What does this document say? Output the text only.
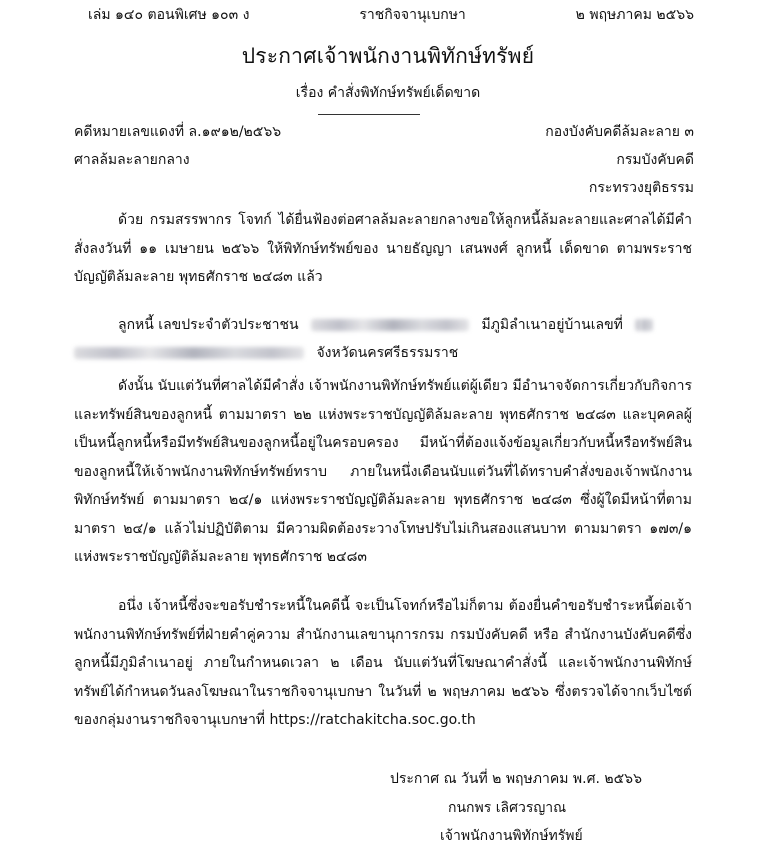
เล่ม ๑๔๐ ตอนพิเศษ ๑๐๓ ง	ราชกิจจานุเบกษา	๒ พฤษภาคม ๒๕๖๖
ประกาศเจ้าพนักงานพิทักษ์ทรัพย์
เรื่อง คำสั่งพิทักษ์ทรัพย์เด็ดขาด
คดีหมายเลขแดงที่ ล.๑๙๑๒/๒๕๖๖	กองบังคับคดีล้มละลาย ๓
ศาลล้มละลายกลาง	กรมบังคับคดี
กระทรวงยุติธรรม

ด้วย กรมสรรพากร โจทก์ ได้ยื่นฟ้องต่อศาลล้มละลายกลางขอให้ลูกหนี้ล้มละลายและศาลได้มีคำสั่งลงวันที่ ๑๑ เมษายน ๒๕๖๖ ให้พิทักษ์ทรัพย์ของ นายธัญญา เสนพงศ์ ลูกหนี้ เด็ดขาด ตามพระราชบัญญัติล้มละลาย พุทธศักราช ๒๔๘๓ แล้ว

ลูกหนี้ เลขประจำตัวประชาชน	มีภูมิลำเนาอยู่บ้านเลขที่
จังหวัดนครศรีธรรมราช

ดังนั้น นับแต่วันที่ศาลได้มีคำสั่ง เจ้าพนักงานพิทักษ์ทรัพย์แต่ผู้เดียว มีอำนาจจัดการเกี่ยวกับกิจการและทรัพย์สินของลูกหนี้ ตามมาตรา ๒๒ แห่งพระราชบัญญัติล้มละลาย พุทธศักราช ๒๔๘๓ และบุคคลผู้เป็นหนี้ลูกหนี้หรือมีทรัพย์สินของลูกหนี้อยู่ในครอบครอง มีหน้าที่ต้องแจ้งข้อมูลเกี่ยวกับหนี้หรือทรัพย์สินของลูกหนี้ให้เจ้าพนักงานพิทักษ์ทรัพย์ทราบ ภายในหนึ่งเดือนนับแต่วันที่ได้ทราบคำสั่งของเจ้าพนักงานพิทักษ์ทรัพย์ ตามมาตรา ๒๔/๑ แห่งพระราชบัญญัติล้มละลาย พุทธศักราช ๒๔๘๓ ซึ่งผู้ใดมีหน้าที่ตามมาตรา ๒๔/๑ แล้วไม่ปฏิบัติตาม มีความผิดต้องระวางโทษปรับไม่เกินสองแสนบาท ตามมาตรา ๑๗๓/๑ แห่งพระราชบัญญัติล้มละลาย พุทธศักราช ๒๔๘๓

อนึ่ง เจ้าหนี้ซึ่งจะขอรับชำระหนี้ในคดีนี้ จะเป็นโจทก์หรือไม่ก็ตาม ต้องยื่นคำขอรับชำระหนี้ต่อเจ้าพนักงานพิทักษ์ทรัพย์ที่ฝ่ายคำคู่ความ สำนักงานเลขานุการกรม กรมบังคับคดี หรือ สำนักงานบังคับคดีซึ่งลูกหนี้มีภูมิลำเนาอยู่ ภายในกำหนดเวลา ๒ เดือน นับแต่วันที่โฆษณาคำสั่งนี้ และเจ้าพนักงานพิทักษ์ทรัพย์ได้กำหนดวันลงโฆษณาในราชกิจจานุเบกษา ในวันที่ ๒ พฤษภาคม ๒๕๖๖ ซึ่งตรวจได้จากเว็บไซต์ของกลุ่มงานราชกิจจานุเบกษาที่ https://ratchakitcha.soc.go.th

ประกาศ ณ วันที่ ๒ พฤษภาคม พ.ศ. ๒๕๖๖
กนกพร เลิศวรญาณ
เจ้าพนักงานพิทักษ์ทรัพย์
